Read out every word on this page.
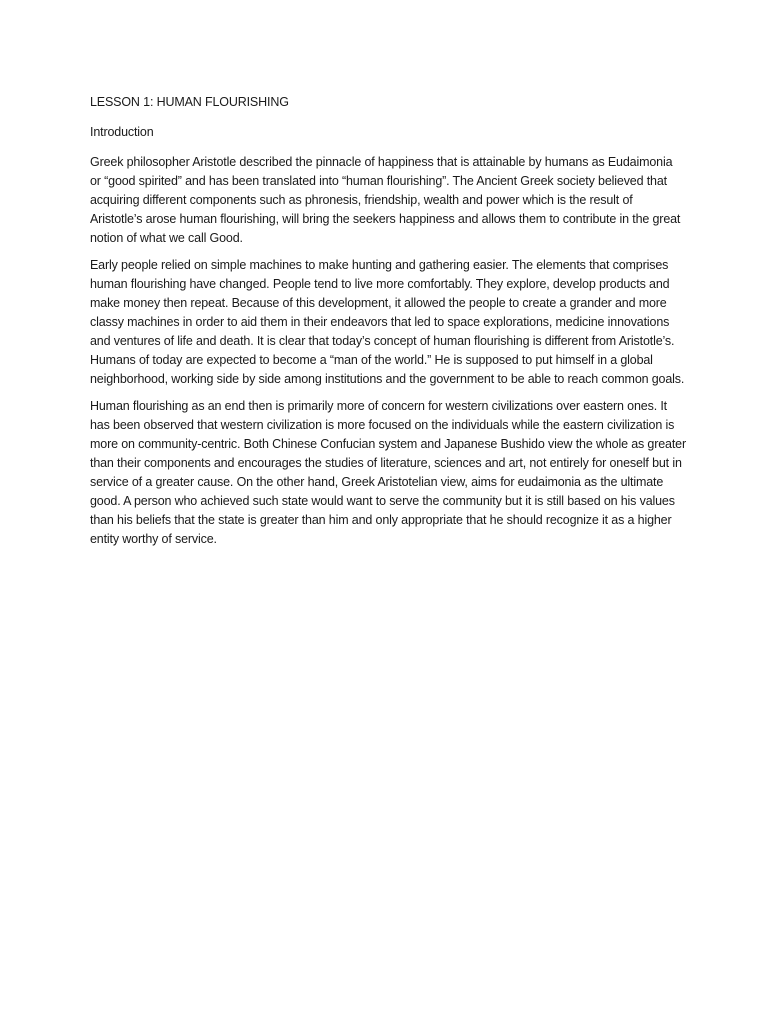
LESSON 1: HUMAN FLOURISHING

Introduction

Greek philosopher Aristotle described the pinnacle of happiness that is attainable by humans as Eudaimonia or “good spirited” and has been translated into “human flourishing”. The Ancient Greek society believed that acquiring different components such as phronesis, friendship, wealth and power which is the result of Aristotle’s arose human flourishing, will bring the seekers happiness and allows them to contribute in the great notion of what we call Good.

Early people relied on simple machines to make hunting and gathering easier. The elements that comprises human flourishing have changed. People tend to live more comfortably. They explore, develop products and make money then repeat. Because of this development, it allowed the people to create a grander and more classy machines in order to aid them in their endeavors that led to space explorations, medicine innovations and ventures of life and death. It is clear that today’s concept of human flourishing is different from Aristotle’s. Humans of today are expected to become a “man of the world.” He is supposed to put himself in a global neighborhood, working side by side among institutions and the government to be able to reach common goals.

Human flourishing as an end then is primarily more of concern for western civilizations over eastern ones. It has been observed that western civilization is more focused on the individuals while the eastern civilization is more on community-centric. Both Chinese Confucian system and Japanese Bushido view the whole as greater than their components and encourages the studies of literature, sciences and art, not entirely for oneself but in service of a greater cause. On the other hand, Greek Aristotelian view, aims for eudaimonia as the ultimate good. A person who achieved such state would want to serve the community but it is still based on his values than his beliefs that the state is greater than him and only appropriate that he should recognize it as a higher entity worthy of service.
